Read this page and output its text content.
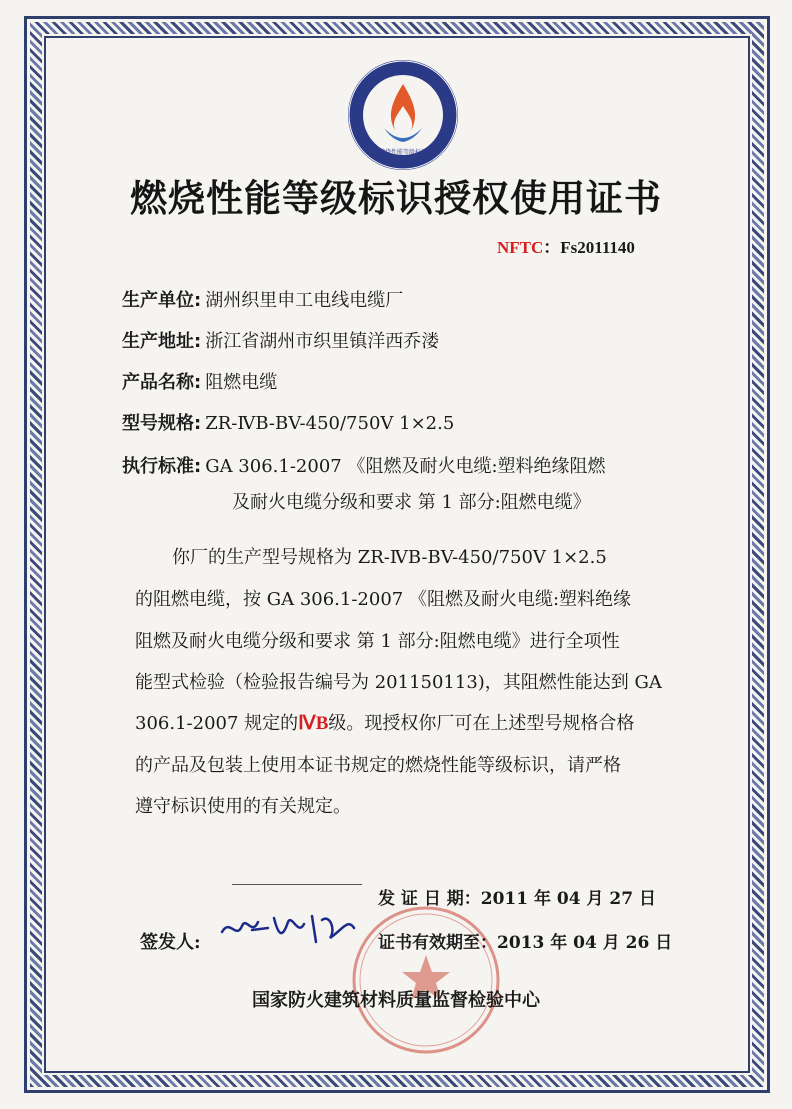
燃烧性能等级标识
燃烧性能等级标识授权使用证书
NFTC：Fs2011140
生产单位: 湖州织里申工电线电缆厂
生产地址: 浙江省湖州市织里镇洋西乔溇
产品名称: 阻燃电缆
型号规格: ZR-ⅣB-BV-450/750V 1×2.5
执行标准: GA 306.1-2007 《阻燃及耐火电缆:塑料绝缘阻燃
及耐火电缆分级和要求 第 1 部分:阻燃电缆》
你厂的生产型号规格为 ZR-ⅣB-BV-450/750V 1×2.5
的阻燃电缆，按 GA 306.1-2007 《阻燃及耐火电缆:塑料绝缘
阻燃及耐火电缆分级和要求 第 1 部分:阻燃电缆》进行全项性
能型式检验（检验报告编号为 201150113)，其阻燃性能达到 GA
306.1-2007 规定的ⅣB级。现授权你厂可在上述型号规格合格
的产品及包装上使用本证书规定的燃烧性能等级标识，请严格
遵守标识使用的有关规定。
发 证 日 期：2011 年 04 月 27 日
证书有效期至：2013 年 04 月 26 日
签发人:
国家防火建筑材料质量监督检验中心
